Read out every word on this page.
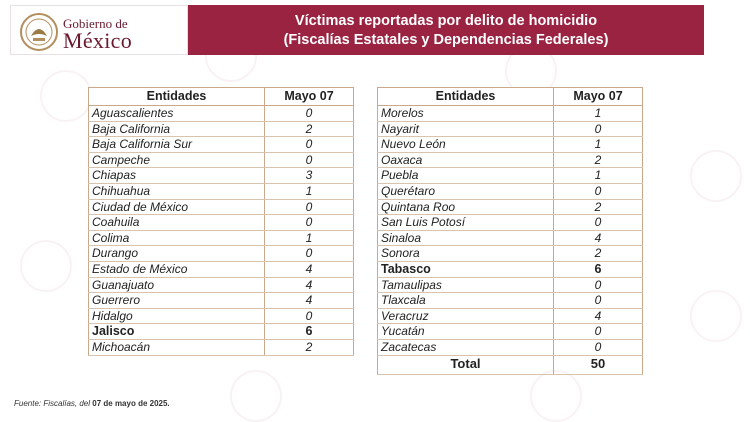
Gobierno de
México
Víctimas reportadas por delito de homicidio
(Fiscalías Estatales y Dependencias Federales)
Entidades	Mayo 07
Aguascalientes	0
Baja California	2
Baja California Sur	0
Campeche	0
Chiapas	3
Chihuahua	1
Ciudad de México	0
Coahuila	0
Colima	1
Durango	0
Estado de México	4
Guanajuato	4
Guerrero	4
Hidalgo	0
Jalisco	6
Michoacán	2
Entidades	Mayo 07
Morelos	1
Nayarit	0
Nuevo León	1
Oaxaca	2
Puebla	1
Querétaro	0
Quintana Roo	2
San Luis Potosí	0
Sinaloa	4
Sonora	2
Tabasco	6
Tamaulipas	0
Tlaxcala	0
Veracruz	4
Yucatán	0
Zacatecas	0
Total	50
Fuente: Fiscalías, del 07 de mayo de 2025.
